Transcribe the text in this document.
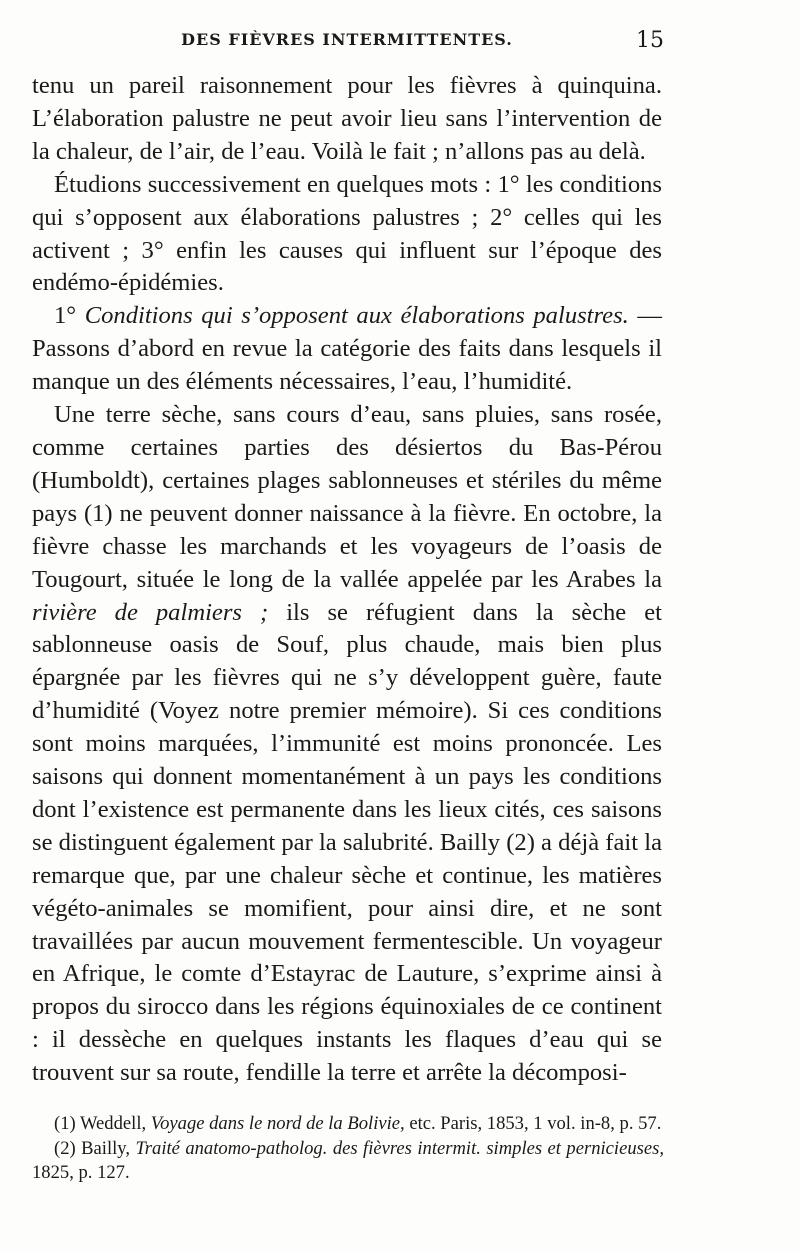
DES FIÈVRES INTERMITTENTES.	15

tenu un pareil raisonnement pour les fièvres à quinquina. L’élaboration palustre ne peut avoir lieu sans l’intervention de la chaleur, de l’air, de l’eau. Voilà le fait ; n’allons pas au delà.

Étudions successivement en quelques mots : 1° les conditions qui s’opposent aux élaborations palustres ; 2° celles qui les activent ; 3° enfin les causes qui influent sur l’époque des endémo-épidémies.

1° Conditions qui s’opposent aux élaborations palustres. — Passons d’abord en revue la catégorie des faits dans lesquels il manque un des éléments nécessaires, l’eau, l’humidité.

Une terre sèche, sans cours d’eau, sans pluies, sans rosée, comme certaines parties des désiertos du Bas-Pérou (Humboldt), certaines plages sablonneuses et stériles du même pays (1) ne peuvent donner naissance à la fièvre. En octobre, la fièvre chasse les marchands et les voyageurs de l’oasis de Tougourt, située le long de la vallée appelée par les Arabes la rivière de palmiers ; ils se réfugient dans la sèche et sablonneuse oasis de Souf, plus chaude, mais bien plus épargnée par les fièvres qui ne s’y développent guère, faute d’humidité (Voyez notre premier mémoire). Si ces conditions sont moins marquées, l’immunité est moins prononcée. Les saisons qui donnent momentanément à un pays les conditions dont l’existence est permanente dans les lieux cités, ces saisons se distinguent également par la salubrité. Bailly (2) a déjà fait la remarque que, par une chaleur sèche et continue, les matières végéto-animales se momifient, pour ainsi dire, et ne sont travaillées par aucun mouvement fermentescible. Un voyageur en Afrique, le comte d’Estayrac de Lauture, s’exprime ainsi à propos du sirocco dans les régions équinoxiales de ce continent : il dessèche en quelques instants les flaques d’eau qui se trouvent sur sa route, fendille la terre et arrête la décomposi-

(1) Weddell, Voyage dans le nord de la Bolivie, etc. Paris, 1853, 1 vol. in-8, p. 57.

(2) Bailly, Traité anatomo-patholog. des fièvres intermit. simples et pernicieuses, 1825, p. 127.
